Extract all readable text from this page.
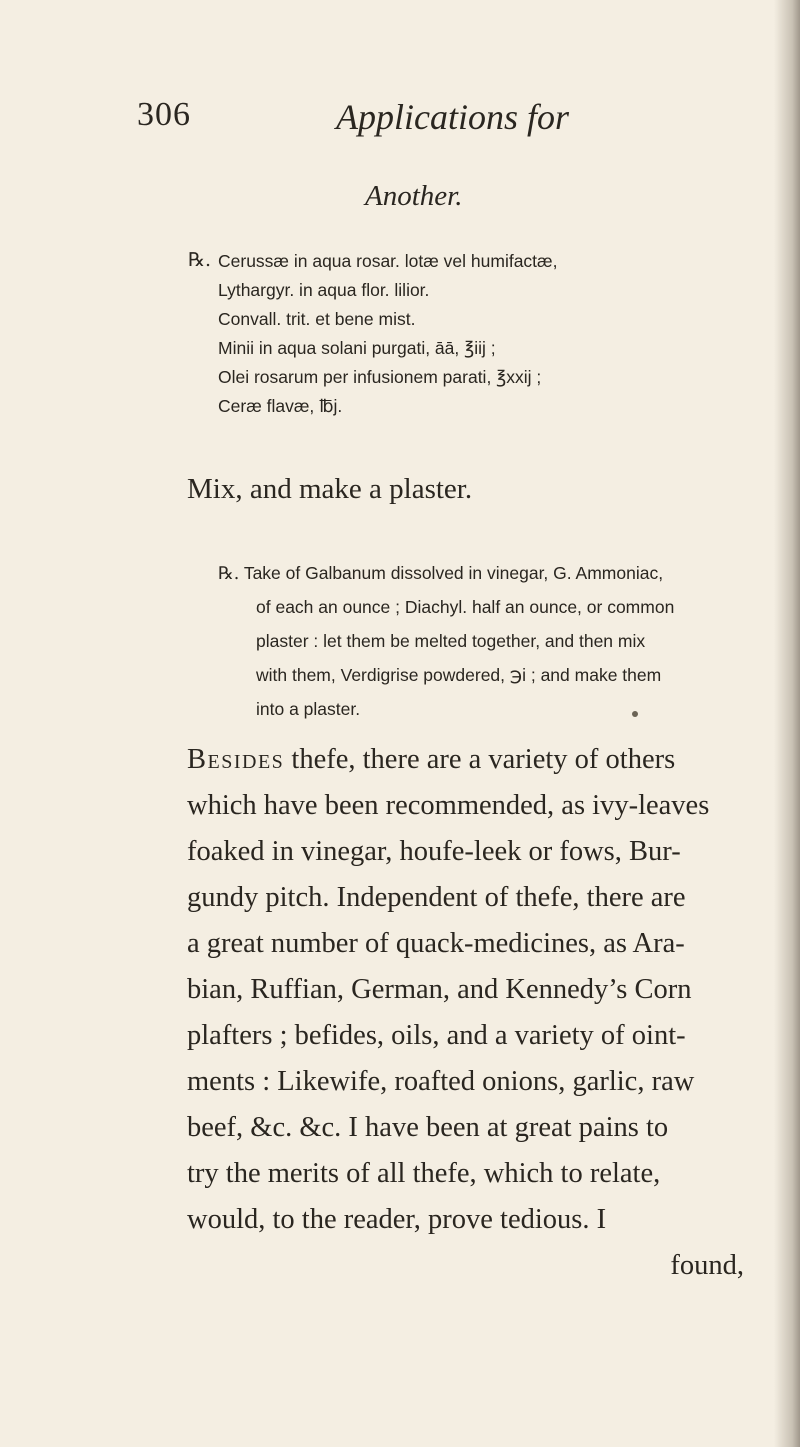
306	Applications for
Another.
℞. Cerussæ in aqua rosar. lotæ vel humifactæ,
Lythargyr. in aqua flor. lilior.
Convall. trit. et bene mist.
Minii in aqua solani purgati, āā, ℥iij ;
Olei rosarum per infusionem parati, ℥xxij ;
Ceræ flavæ, ℔j.
Mix, and make a plaster.
℞. Take of Galbanum dissolved in vinegar, G. Ammoniac,
of each an ounce ; Diachyl. half an ounce, or common
plaster : let them be melted together, and then mix
with them, Verdigrise powdered, ℈i ; and make them
into a plaster.
Besides thefe, there are a variety of others
which have been recommended, as ivy-leaves
foaked in vinegar, houfe-leek or fows, Bur-
gundy pitch. Independent of thefe, there are
a great number of quack-medicines, as Ara-
bian, Ruffian, German, and Kennedy’s Corn
plafters ; befides, oils, and a variety of oint-
ments : Likewife, roafted onions, garlic, raw
beef, &c. &c. I have been at great pains to
try the merits of all thefe, which to relate,
would, to the reader, prove tedious. I
found,
